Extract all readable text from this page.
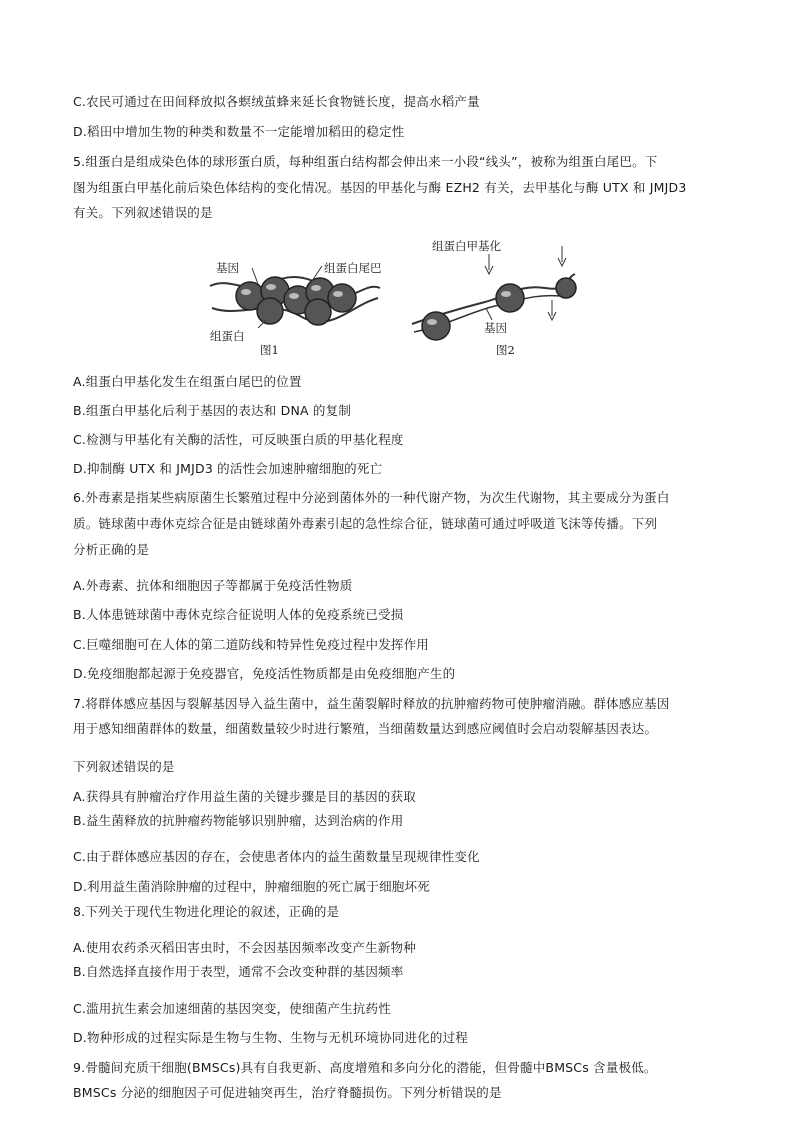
C.农民可通过在田间释放拟各螟绒茧蜂来延长食物链长度，提高水稻产量
D.稻田中增加生物的种类和数量不一定能增加稻田的稳定性
5.组蛋白是组成染色体的球形蛋白质，每种组蛋白结构都会伸出来一小段“线头”，被称为组蛋白尾巴。下
图为组蛋白甲基化前后染色体结构的变化情况。基因的甲基化与酶 EZH2 有关，去甲基化与酶 UTX 和 JMJD3
有关。下列叙述错误的是
基因	组蛋白尾巴
组蛋白
图1
组蛋白甲基化
基因
图2
A.组蛋白甲基化发生在组蛋白尾巴的位置
B.组蛋白甲基化后利于基因的表达和 DNA 的复制
C.检测与甲基化有关酶的活性，可反映蛋白质的甲基化程度
D.抑制酶 UTX 和 JMJD3 的活性会加速肿瘤细胞的死亡
6.外毒素是指某些病原菌生长繁殖过程中分泌到菌体外的一种代谢产物，为次生代谢物，其主要成分为蛋白
质。链球菌中毒休克综合征是由链球菌外毒素引起的急性综合征，链球菌可通过呼吸道飞沫等传播。下列
分析正确的是
A.外毒素、抗体和细胞因子等都属于免疫活性物质
B.人体患链球菌中毒休克综合征说明人体的免疫系统已受损
C.巨噬细胞可在人体的第二道防线和特异性免疫过程中发挥作用
D.免疫细胞都起源于免疫器官，免疫活性物质都是由免疫细胞产生的
7.将群体感应基因与裂解基因导入益生菌中，益生菌裂解时释放的抗肿瘤药物可使肿瘤消融。群体感应基因
用于感知细菌群体的数量，细菌数量较少时进行繁殖，当细菌数量达到感应阈值时会启动裂解基因表达。
下列叙述错误的是
A.获得具有肿瘤治疗作用益生菌的关键步骤是目的基因的获取
B.益生菌释放的抗肿瘤药物能够识别肿瘤，达到治病的作用
C.由于群体感应基因的存在，会使患者体内的益生菌数量呈现规律性变化
D.利用益生菌消除肿瘤的过程中，肿瘤细胞的死亡属于细胞坏死
8.下列关于现代生物进化理论的叙述，正确的是
A.使用农药杀灭稻田害虫时，不会因基因频率改变产生新物种
B.自然选择直接作用于表型，通常不会改变种群的基因频率
C.滥用抗生素会加速细菌的基因突变，使细菌产生抗药性
D.物种形成的过程实际是生物与生物、生物与无机环境协同进化的过程
9.骨髓间充质干细胞(BMSCs)具有自我更新、高度增殖和多向分化的潜能，但骨髓中BMSCs 含量极低。
BMSCs 分泌的细胞因子可促进轴突再生，治疗脊髓损伤。下列分析错误的是
